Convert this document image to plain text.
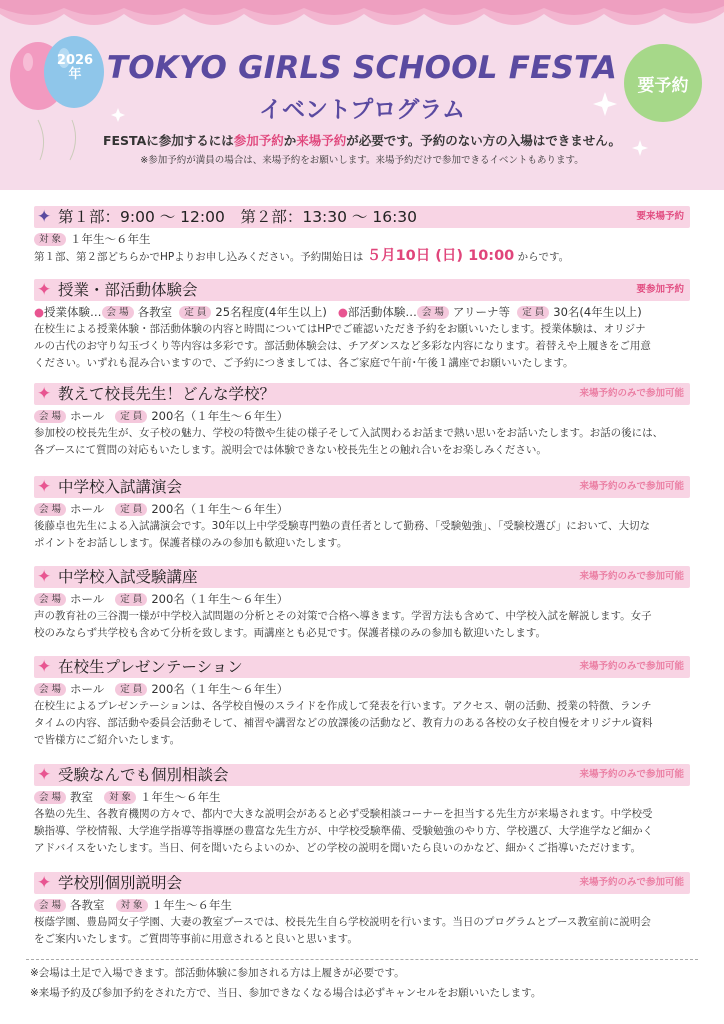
2026
年 TOKYO GIRLS SCHOOL FESTA
イベントプログラム
要予約
FESTAに参加するには参加予約か来場予約が必要です。予約のない方の入場はできません。
※参加予約が満員の場合は、来場予約をお願いします。来場予約だけで参加できるイベントもあります。
✦ 第１部：9:00 〜 12:00　第２部：13:30 〜 16:30	要来場予約
対 象 １年生〜６年生
第１部、第２部どちらかでHPよりお申し込みください。予約開始日は ５月10日 (日) 10:00 からです。
✦ 授業・部活動体験会	要参加予約
●授業体験… 会 場 各教室 定 員 25名程度(4年生以上) ●部活動体験… 会 場 アリーナ等 定 員 30名(4年生以上)
在校生による授業体験・部活動体験の内容と時間についてはHPでご確認いただき予約をお願いいたします。授業体験は、オリジナ
ルの古代のお守り勾玉づくり等内容は多彩です。部活動体験会は、チアダンスなど多彩な内容になります。着替えや上履きをご用意
ください。いずれも混み合いますので、ご予約につきましては、各ご家庭で午前･午後１講座でお願いいたします。
✦ 教えて校長先生！どんな学校？	来場予約のみで参加可能
会 場 ホール 定 員 200名（１年生〜６年生）
参加校の校長先生が、女子校の魅力、学校の特徴や生徒の様子そして入試関わるお話まで熱い思いをお話いたします。お話の後には、
各ブースにて質問の対応もいたします。説明会では体験できない校長先生との触れ合いをお楽しみください。
✦ 中学校入試講演会	来場予約のみで参加可能
会 場 ホール 定 員 200名（１年生〜６年生）
後藤卓也先生による入試講演会です。30年以上中学受験専門塾の責任者として勤務、「受験勉強」、「受験校選び」において、大切な
ポイントをお話しします。保護者様のみの参加も歓迎いたします。
✦ 中学校入試受験講座	来場予約のみで参加可能
会 場 ホール 定 員 200名（１年生〜６年生）
声の教育社の三谷潤一様が中学校入試問題の分析とその対策で合格へ導きます。学習方法も含めて、中学校入試を解説します。女子
校のみならず共学校も含めて分析を致します。両講座とも必見です。保護者様のみの参加も歓迎いたします。
✦ 在校生プレゼンテーション	来場予約のみで参加可能
会 場 ホール 定 員 200名（１年生〜６年生）
在校生によるプレゼンテーションは、各学校自慢のスライドを作成して発表を行います。アクセス、朝の活動、授業の特徴、ランチ
タイムの内容、部活動や委員会活動そして、補習や講習などの放課後の活動など、教育力のある各校の女子校自慢をオリジナル資料
で皆様方にご紹介いたします。
✦ 受験なんでも個別相談会	来場予約のみで参加可能
会 場 教室 対 象 １年生〜６年生
各塾の先生、各教育機関の方々で、都内で大きな説明会があると必ず受験相談コーナーを担当する先生方が来場されます。中学校受
験指導、学校情報、大学進学指導等指導歴の豊富な先生方が、中学校受験準備、受験勉強のやり方、学校選び、大学進学など細かく
アドバイスをいたします。当日、何を聞いたらよいのか、どの学校の説明を聞いたら良いのかなど、細かくご指導いただけます。
✦ 学校別個別説明会	来場予約のみで参加可能
会 場 各教室 対 象 １年生〜６年生
桜蔭学園、豊島岡女子学園、大妻の教室ブースでは、校長先生自ら学校説明を行います。当日のプログラムとブース教室前に説明会
をご案内いたします。ご質問等事前に用意されると良いと思います。
※会場は土足で入場できます。部活動体験に参加される方は上履きが必要です。
※来場予約及び参加予約をされた方で、当日、参加できなくなる場合は必ずキャンセルをお願いいたします。
